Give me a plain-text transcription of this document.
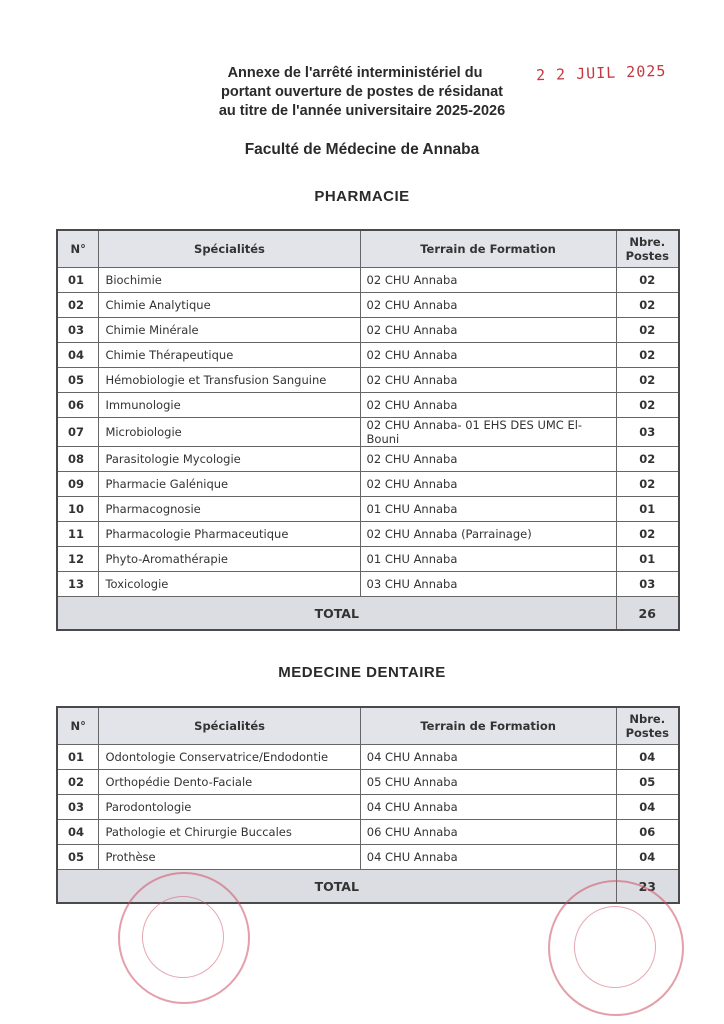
Annexe de l'arrêté interministériel du
portant ouverture de postes de résidanat
au titre de l'année universitaire 2025-2026
2 2 JUIL 2025
Faculté de Médecine de Annaba
PHARMACIE
N°	Spécialités	Terrain de Formation	Nbre. Postes
01	Biochimie	02 CHU Annaba	02
02	Chimie Analytique	02 CHU Annaba	02
03	Chimie Minérale	02 CHU Annaba	02
04	Chimie Thérapeutique	02 CHU Annaba	02
05	Hémobiologie et Transfusion Sanguine	02 CHU Annaba	02
06	Immunologie	02 CHU Annaba	02
07	Microbiologie	02 CHU Annaba- 01 EHS DES UMC El-Bouni	03
08	Parasitologie Mycologie	02 CHU Annaba	02
09	Pharmacie Galénique	02 CHU Annaba	02
10	Pharmacognosie	01 CHU Annaba	01
11	Pharmacologie Pharmaceutique	02 CHU Annaba (Parrainage)	02
12	Phyto-Aromathérapie	01 CHU Annaba	01
13	Toxicologie	03 CHU Annaba	03
TOTAL			26
MEDECINE DENTAIRE
N°	Spécialités	Terrain de Formation	Nbre. Postes
01	Odontologie Conservatrice/Endodontie	04 CHU Annaba	04
02	Orthopédie Dento-Faciale	05 CHU Annaba	05
03	Parodontologie	04 CHU Annaba	04
04	Pathologie et Chirurgie Buccales	06 CHU Annaba	06
05	Prothèse	04 CHU Annaba	04
TOTAL			23
